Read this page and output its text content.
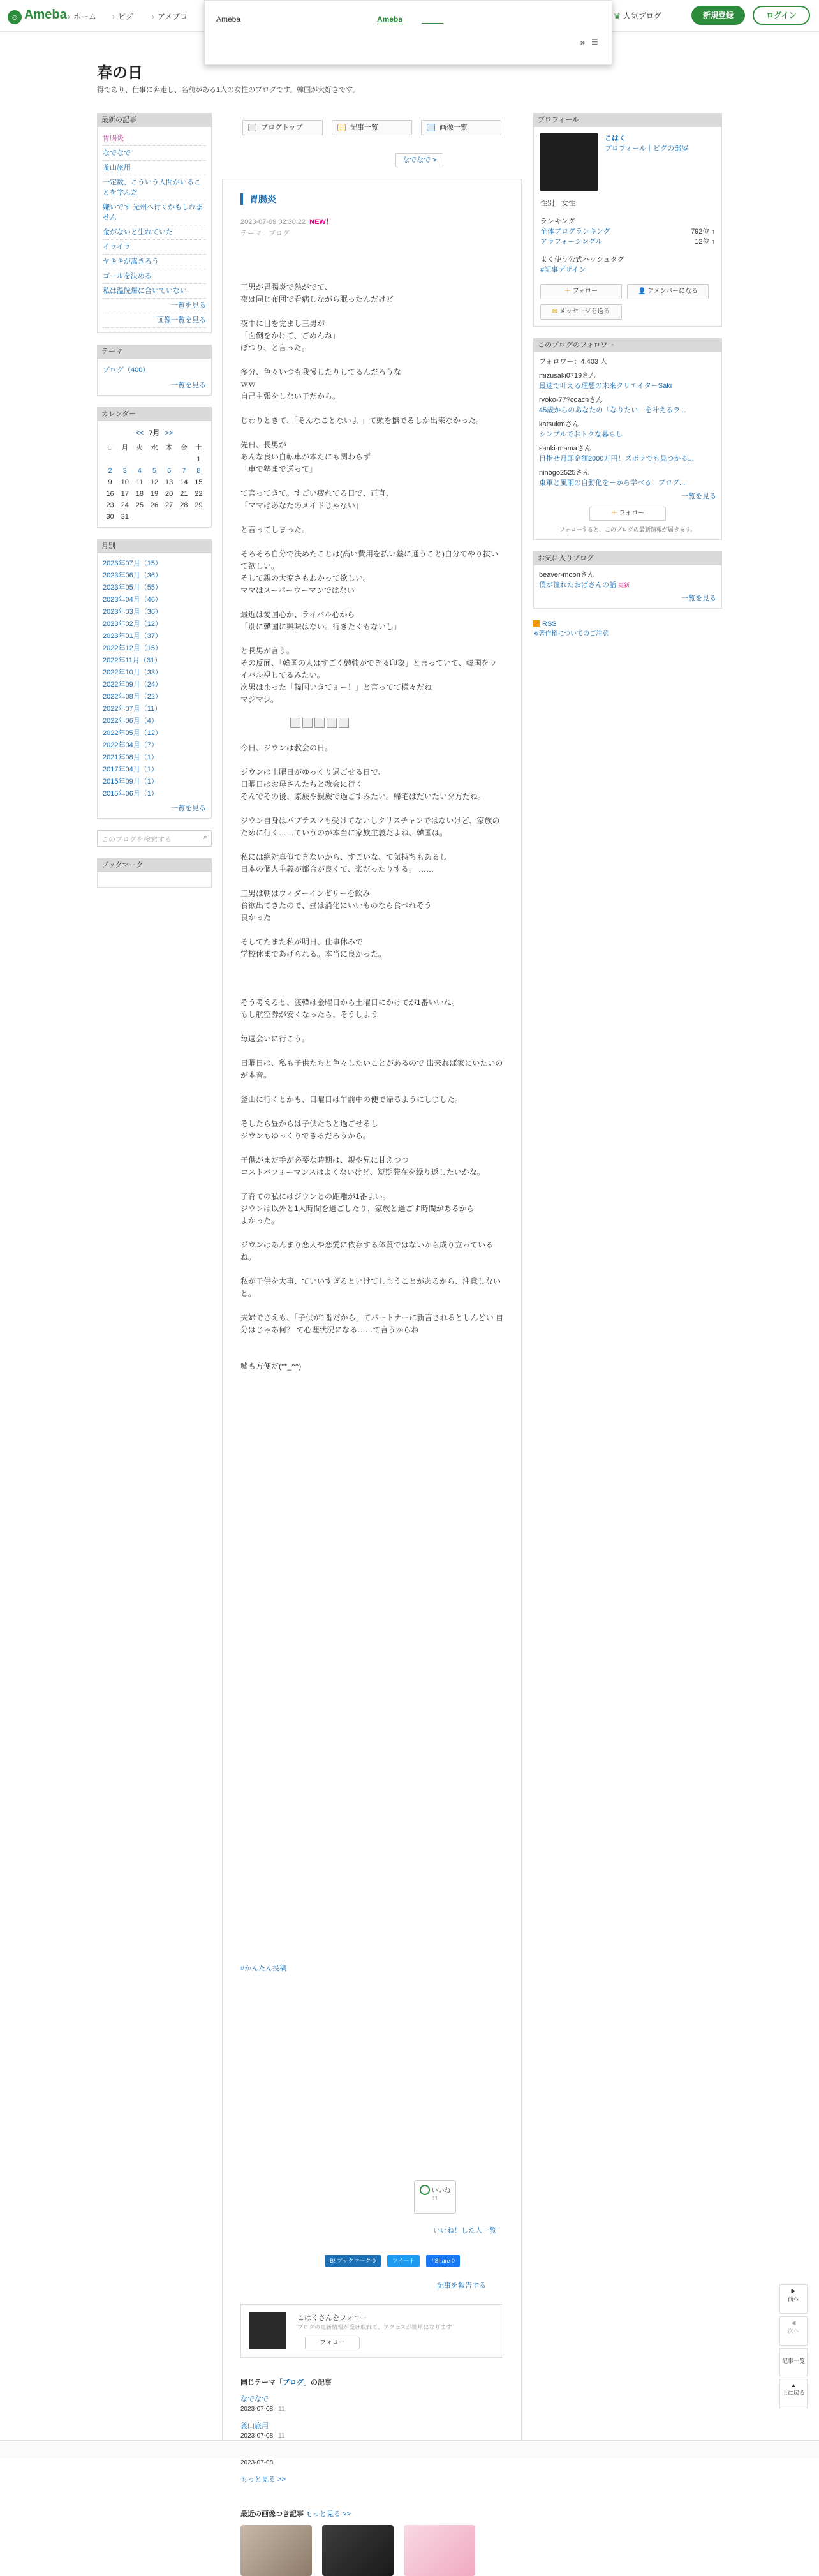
☺ Ameba › ホーム	› ピグ	› アメブロ	♛ 人気ブログ	新規登録	ログイン
Ameba	Ameba
× ☰
春の日
得であり、仕事に奔走し、名前がある1人の女性のブログです。韓国が大好きです。
最新の記事
胃腸炎
なでなで
釜山旅用
一定数、こういう人間がいることを学んだ
嫌いです 光州へ行くかもしれません
金がないと生れていた
イライラ
ヤキキが嵩きろう
ゴールを決める
私は温院爆に合いていない
一覧を見る
画像一覧を見る
テーマ
ブログ（400）
一覧を見る
カレンダー
<< 7月 >>
日	月	火	水	木	金	土
						1
2	3	4	5	6	7	8
9	10	11	12	13	14	15
16	17	18	19	20	21	22
23	24	25	26	27	28	29
30	31					
月別
2023年07月（15）
2023年06月（36）
2023年05月（55）
2023年04月（46）
2023年03月（36）
2023年02月（12）
2023年01月（37）
2022年12月（15）
2022年11月（31）
2022年10月（33）
2022年09月（24）
2022年08月（22）
2022年07月（11）
2022年06月（4）
2022年05月（12）
2022年04月（7）
2021年08月（1）
2017年04月（1）
2015年09月（1）
2015年06月（1）
一覧を見る
このブログを検索する	⌕
ブックマーク
ブログトップ	記事一覧	画像一覧
なでなで >
胃腸炎
2023-07-09 02:30:22 NEW！
テーマ：ブログ

三男が胃腸炎で熱がでて、

夜は同じ布団で看病しながら眠ったんだけど

夜中に目を覚まし三男が

「面倒をかけて、ごめんね」

ぽつり、と言った。

多分、色々いつも我慢したりしてるんだろうな

ｗｗ

自己主張をしない子だから。

じわりときて、「そんなことないよ 」て頭を撫でるしか出来なかった。

先日、長男が

あんな良い自転車が本たにも関わらず

「車で塾まで送って」

て言ってきて。すごい疲れてる日で、正直、

「ママはあなたのメイドじゃない」

と言ってしまった。

そろそろ自分で決めたことは(高い費用を払い塾に通うこと)自分でやり抜いて欲しい。

そして親の大変さもわかって欲しい。

ママはスーパーウーマンではない

最近は愛国心か、ライバル心から

「別に韓国に興味はない。行きたくもないし」

と長男が言う。

その反面、「韓国の人はすごく勉強ができる印象」と言っていて、韓国をライバル視してるみたい。

次男はまった「韓国いきてぇー！」と言ってて様々だね

マジマジ。

今日、ジウンは教会の日。

ジウンは土曜日がゆっくり過ごせる日で、

日曜日はお母さんたちと教会に行く

そんでその後、家族や親族で過ごすみたい。帰宅はだいたい夕方だね。

ジウン自身はバプテスマも受けてないしクリスチャンではないけど、家族のために行く……ていうのが本当に家族主義だよね、韓国は。

私には絶対真似できないから、すごいな、て気持ちもあるし

日本の個人主義が都合が良くて、楽だったりする。 ……

三男は朝はウィダーインゼリーを飲み

食欲出てきたので、昼は消化にいいものなら食べれそう

良かった

そしてたまた私が明日、仕事休みで

学校休まであげられる。本当に良かった。

そう考えると、渡韓は金曜日から土曜日にかけてが1番いいね。

もし航空券が安くなったら、そうしよう

毎週会いに行こう。

日曜日は、私も子供たちと色々したいことがあるので 出来れば家にいたいのが本音。

釜山に行くとかも、日曜日は午前中の便で帰るようにしました。

そしたら昼からは子供たちと過ごせるし

ジウンもゆっくりできるだろうから。

子供がまだ手が必要な時期は、親や兄に甘えつつ

コストパフォーマンスはよくないけど、短期滞在を繰り返したいかな。

子育ての私にはジウンとの距離が1番よい。

ジウンは以外と1人時間を過ごしたり、家族と過ごす時間があるから

よかった。

ジウンはあんまり恋人や恋愛に依存する体質ではないから成り立っているね。

私が子供を大事、ていいすぎるといけてしまうことがあるから、注意しないと。

夫婦でさえも、「子供が1番だから」てパートナーに新言されるとしんどい 自分はじゃあ何？ て心理状況になる……て言うからね

嘘も方便だ(**_^^)

#かんたん投稿
いいね
11
いいね！した人一覧
B! ブックマーク 0	ツイート	f Share 0
記事を報告する
こはくさんをフォロー
ブログの更新情報が受け取れて、アクセスが簡単になります
フォロー
同じテーマ「ブログ」の記事
なでなで
2023-07-08 11
釜山旅用
2023-07-08 11
2023-07-08
もっと見る >>
最近の画像つき記事 もっと見る >>
プロフィール
こはく
プロフィール｜ピグの部屋
性別：女性
ランキング
全体ブログランキング	792位 ↑
アラフォーシングル	12位 ↑
よく使う公式ハッシュタグ
#記事デザイン
＋ フォロー	👤 アメンバーになる
✉ メッセージを送る
このブログのフォロワー
フォロワー：4,403 人
mizusaki0719さん
最速で叶える理想の未来クリエイターSaki
ryoko-77?coachさん
45歳からのあなたの「なりたい」を叶えるラ...
katsukmさん
シンプルでおトクな暮らし
sanki-mamaさん
目指せ月即金額2000万円！ズボラでも見つかる...
ninogo2525さん
東軍と風雨の自動化をーから学べる！ブログ...
一覧を見る
＋ フォロー
フォローすると、このブログの最新情報が届きます。
お気に入りブログ
beaver-moonさん
僕が憧れたおばさんの話 更新
一覧を見る
RSS
※著作権についてのご注意
▶
前へ
◀
次へ
記事一覧
▲
上に戻る
